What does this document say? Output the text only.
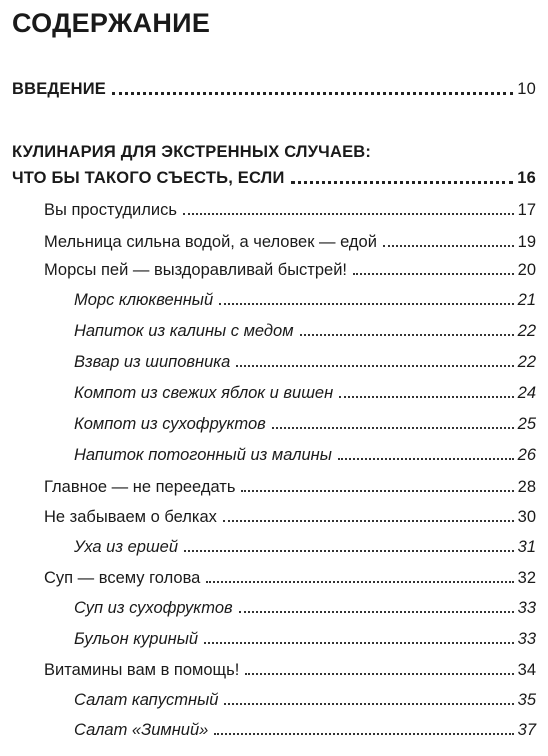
СОДЕРЖАНИЕ
ВВЕДЕНИЕ	10
КУЛИНАРИЯ ДЛЯ ЭКСТРЕННЫХ СЛУЧАЕВ:
ЧТО БЫ ТАКОГО СЪЕСТЬ, ЕСЛИ	16
Вы простудились	17
Мельница сильна водой, а человек — едой	19
Морсы пей — выздоравливай быстрей!	20
Морс клюквенный	21
Напиток из калины с медом	22
Взвар из шиповника	22
Компот из свежих яблок и вишен	24
Компот из сухофруктов	25
Напиток потогонный из малины	26
Главное — не переедать	28
Не забываем о белках	30
Уха из ершей	31
Суп — всему голова	32
Суп из сухофруктов	33
Бульон куриный	33
Витамины вам в помощь!	34
Салат капустный	35
Салат «Зимний»	37
